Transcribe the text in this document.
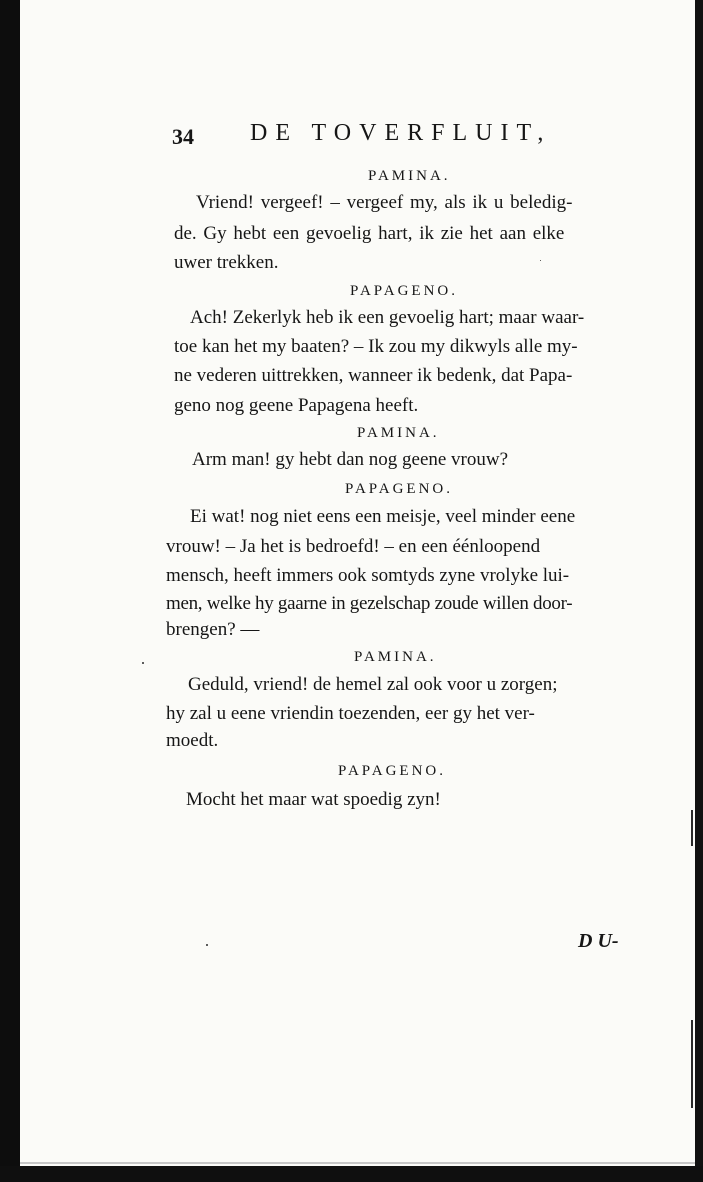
34 DE TOVERFLUIT,
PAMINA.
Vriend! vergeef! – vergeef my, als ik u beledig-
de. Gy hebt een gevoelig hart, ik zie het aan elke
uwer trekken.
PAPAGENO.
Ach! Zekerlyk heb ik een gevoelig hart; maar waar-
toe kan het my baaten? – Ik zou my dikwyls alle my-
ne vederen uittrekken, wanneer ik bedenk, dat Papa-
geno nog geene Papagena heeft.
PAMINA.
Arm man! gy hebt dan nog geene vrouw?
PAPAGENO.
Ei wat! nog niet eens een meisje, veel minder eene
vrouw! – Ja het is bedroefd! – en een éénloopend
mensch, heeft immers ook somtyds zyne vrolyke lui-
men, welke hy gaarne in gezelschap zoude willen door-
brengen? —
PAMINA.
Geduld, vriend! de hemel zal ook voor u zorgen;
hy zal u eene vriendin toezenden, eer gy het ver-
moedt.
PAPAGENO.
Mocht het maar wat spoedig zyn!
D U-
